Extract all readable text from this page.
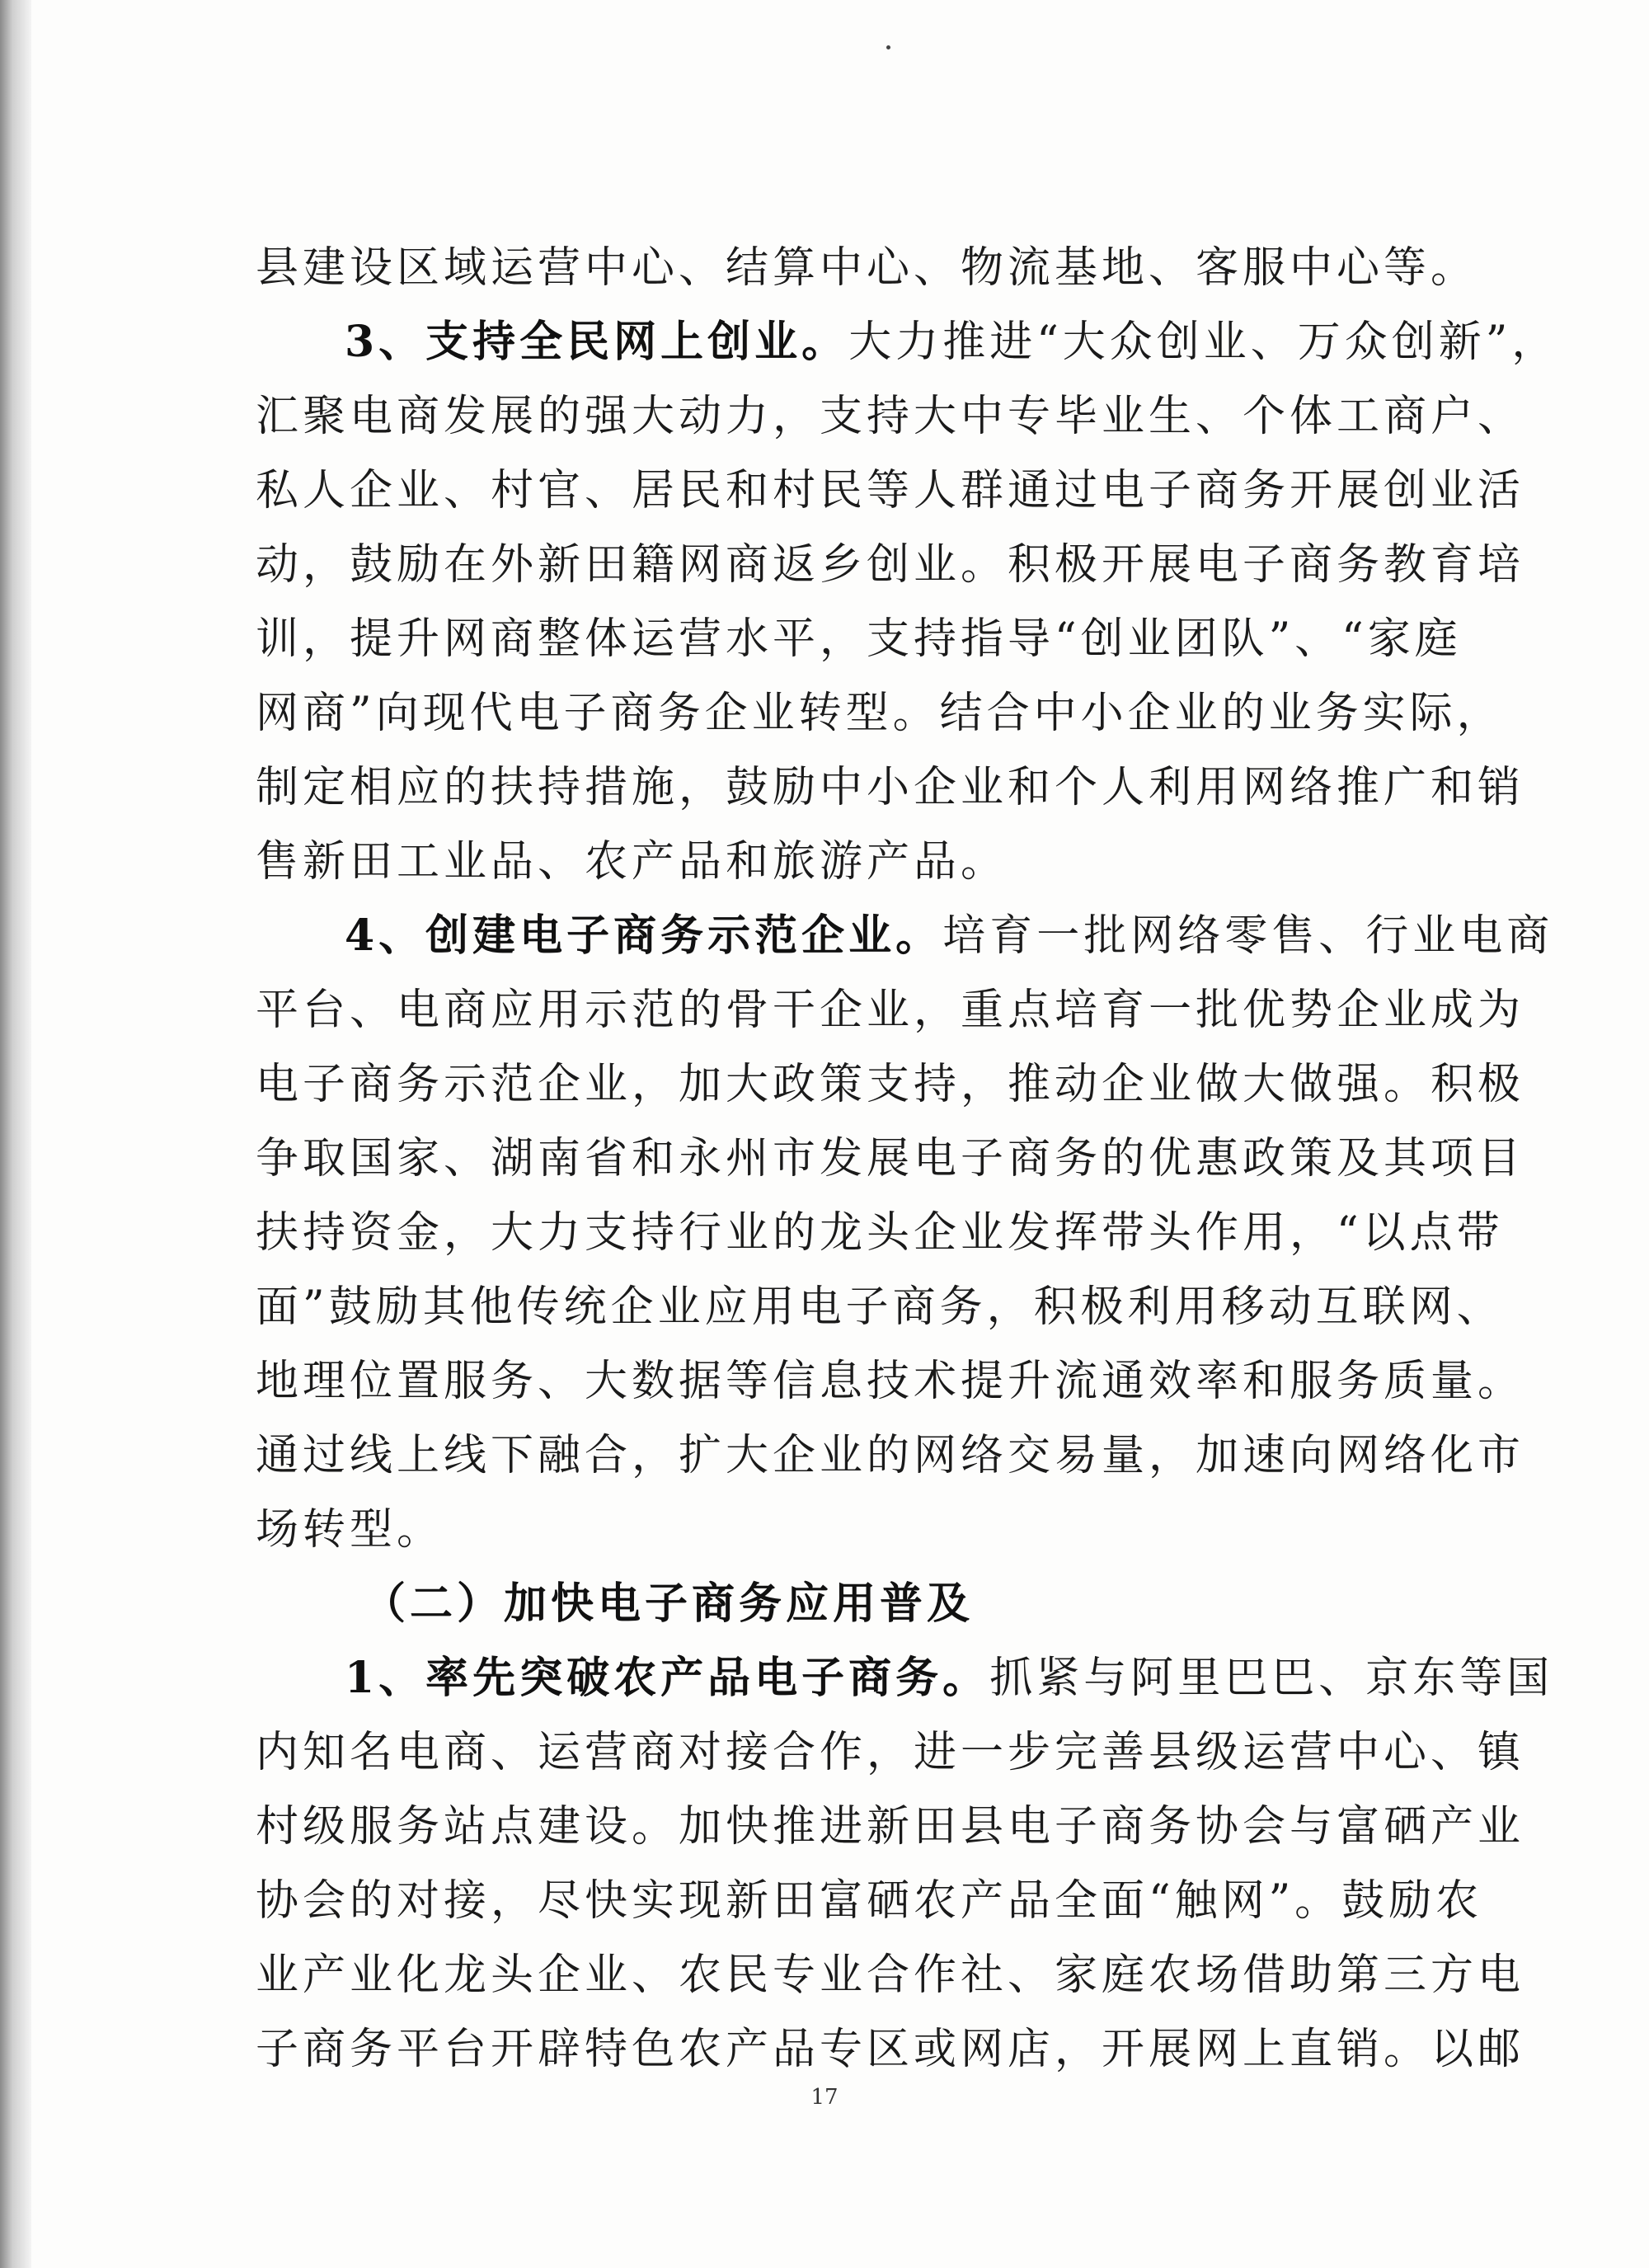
县建设区域运营中心、结算中心、物流基地、客服中心等。
3、支持全民网上创业。大力推进“大众创业、万众创新”，
汇聚电商发展的强大动力，支持大中专毕业生、个体工商户、
私人企业、村官、居民和村民等人群通过电子商务开展创业活
动，鼓励在外新田籍网商返乡创业。积极开展电子商务教育培
训，提升网商整体运营水平，支持指导“创业团队”、“家庭
网商”向现代电子商务企业转型。结合中小企业的业务实际，
制定相应的扶持措施，鼓励中小企业和个人利用网络推广和销
售新田工业品、农产品和旅游产品。
4、创建电子商务示范企业。培育一批网络零售、行业电商
平台、电商应用示范的骨干企业，重点培育一批优势企业成为
电子商务示范企业，加大政策支持，推动企业做大做强。积极
争取国家、湖南省和永州市发展电子商务的优惠政策及其项目
扶持资金，大力支持行业的龙头企业发挥带头作用，“以点带
面”鼓励其他传统企业应用电子商务，积极利用移动互联网、
地理位置服务、大数据等信息技术提升流通效率和服务质量。
通过线上线下融合，扩大企业的网络交易量，加速向网络化市
场转型。
（二）加快电子商务应用普及
1、率先突破农产品电子商务。抓紧与阿里巴巴、京东等国
内知名电商、运营商对接合作，进一步完善县级运营中心、镇
村级服务站点建设。加快推进新田县电子商务协会与富硒产业
协会的对接，尽快实现新田富硒农产品全面“触网”。鼓励农
业产业化龙头企业、农民专业合作社、家庭农场借助第三方电
子商务平台开辟特色农产品专区或网店，开展网上直销。以邮
17
